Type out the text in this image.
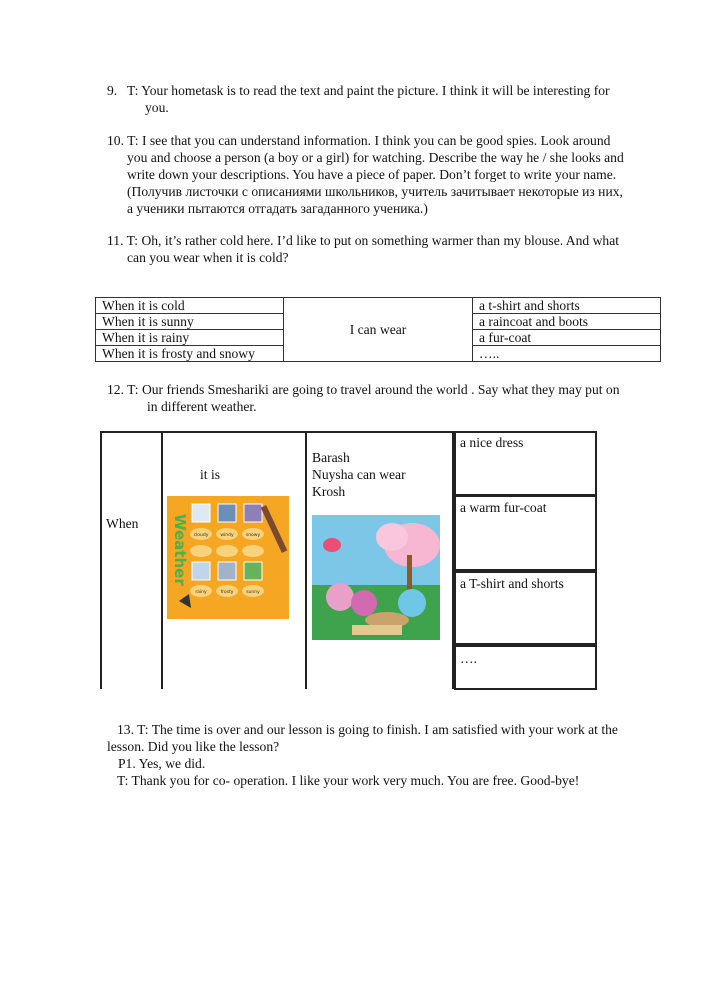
9. T: Your hometask is to read the text and paint the picture. I think it will be interesting for
you.
10. T: I see that you can understand information. I think you can be good spies. Look around
you and choose a person (a boy or a girl) for watching. Describe the way he / she looks and
write down your descriptions. You have a piece of paper. Don’t forget to write your name.
(Получив листочки с описаниями школьников, учитель зачитывает некоторые из них,
а ученики пытаются отгадать загаданного ученика.)
11. T: Oh, it’s rather cold here. I’d like to put on something warmer than my blouse. And what
can you wear when it is cold?
When it is cold	I can wear	a t-shirt and shorts
When it is sunny		a raincoat and boots
When it is rainy		a fur-coat
When it is frosty and snowy		…..
12. T: Our friends Smeshariki are going to travel around the world . Say what they may put on
in different weather.
When
it is
Barash
Nuysha can wear
Krosh
a nice dress
a warm fur-coat
a T-shirt and shorts
….
Weather cloudy	windy	snowy
rainy	frosty	sunny
13. T: The time is over and our lesson is going to finish. I am satisfied with your work at the
lesson. Did you like the lesson?
P1. Yes, we did.
T: Thank you for co- operation. I like your work very much. You are free. Good-bye!
